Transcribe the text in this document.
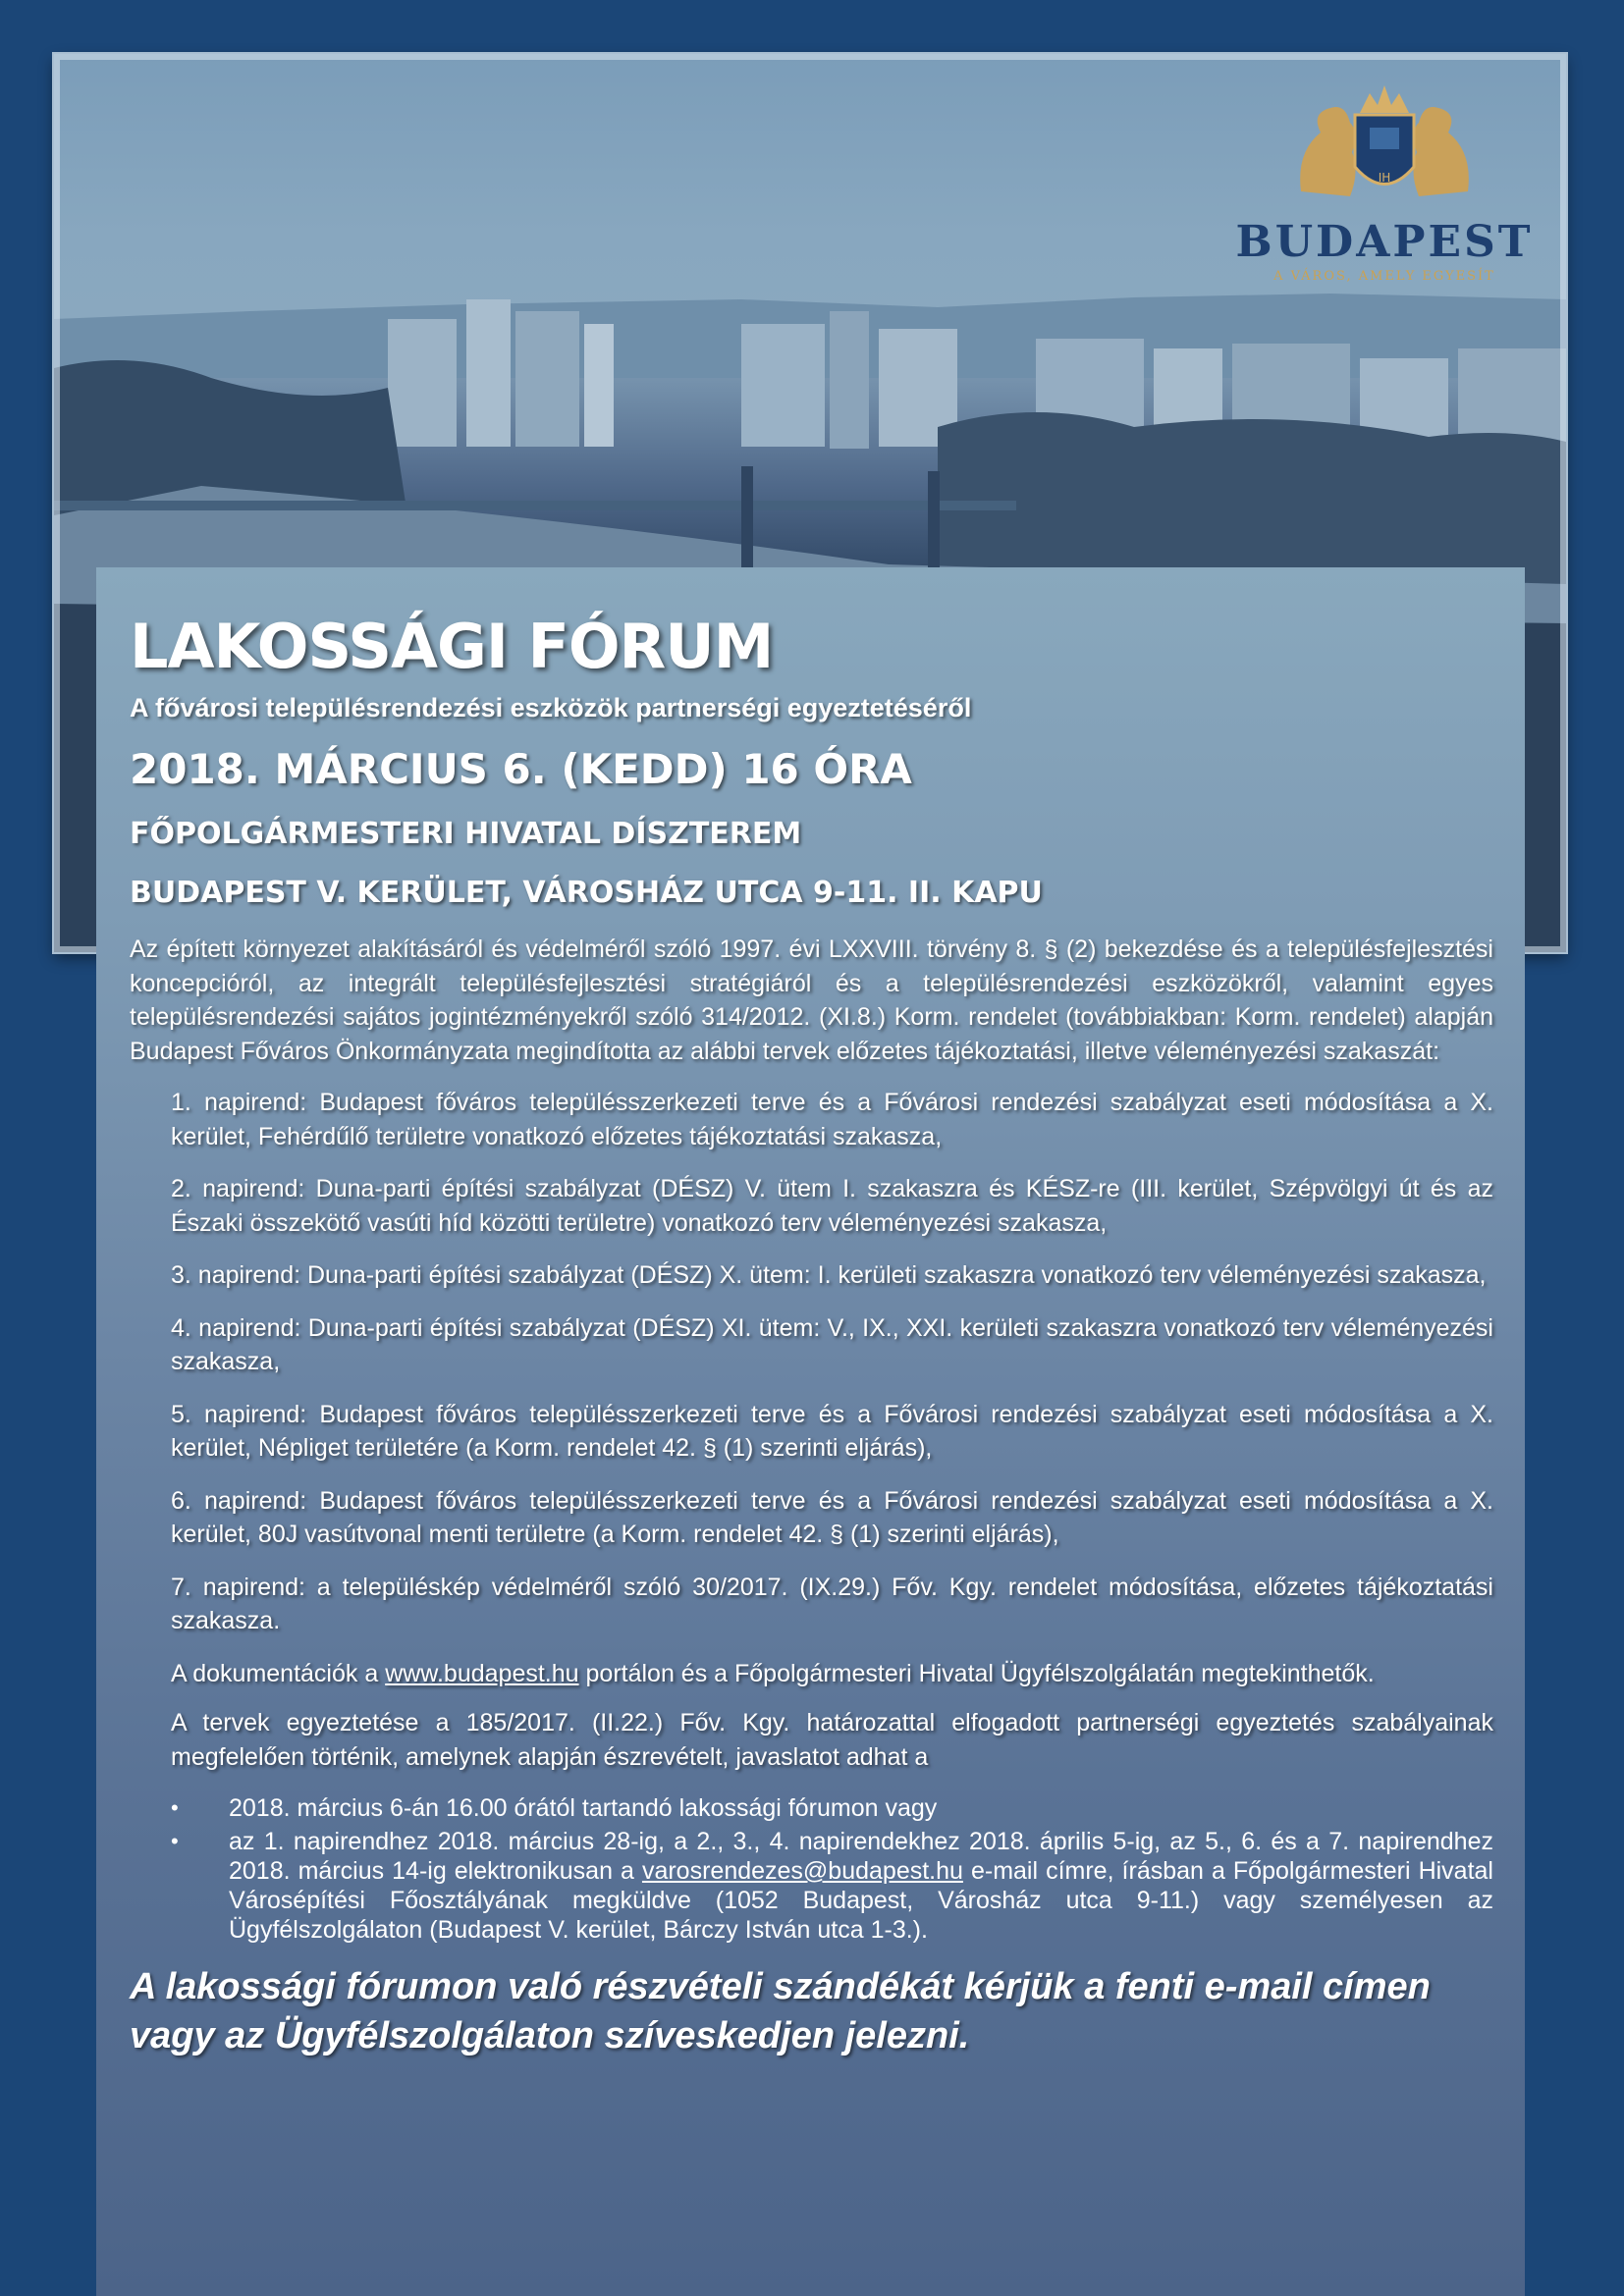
IH
BUDAPEST
A VÁROS, AMELY EGYESÍT
LAKOSSÁGI FÓRUM
A fővárosi településrendezési eszközök partnerségi egyeztetéséről
2018. MÁRCIUS 6. (KEDD) 16 ÓRA
FŐPOLGÁRMESTERI HIVATAL DÍSZTEREM
BUDAPEST V. KERÜLET, VÁROSHÁZ UTCA 9-11. II. KAPU
Az épített környezet alakításáról és védelméről szóló 1997. évi LXXVIII. törvény 8. § (2) bekezdése és a településfejlesztési koncepcióról, az integrált településfejlesztési stratégiáról és a településrendezési eszközökről, valamint egyes településrendezési sajátos jogintézményekről szóló 314/2012. (XI.8.) Korm. rendelet (továbbiakban: Korm. rendelet) alapján Budapest Főváros Önkormányzata megindította az alábbi tervek előzetes tájékoztatási, illetve véleményezési szakaszát:
1. napirend: Budapest főváros településszerkezeti terve és a Fővárosi rendezési szabályzat eseti módosítása a X. kerület, Fehérdűlő területre vonatkozó előzetes tájékoztatási szakasza,
2. napirend: Duna-parti építési szabályzat (DÉSZ) V. ütem I. szakaszra és KÉSZ-re (III. kerület, Szépvölgyi út és az Északi összekötő vasúti híd közötti területre) vonatkozó terv véleményezési szakasza,
3. napirend: Duna-parti építési szabályzat (DÉSZ) X. ütem: I. kerületi szakaszra vonatkozó terv véleményezési szakasza,
4. napirend: Duna-parti építési szabályzat (DÉSZ) XI. ütem: V., IX., XXI. kerületi szakaszra vonatkozó terv véleményezési szakasza,
5. napirend: Budapest főváros településszerkezeti terve és a Fővárosi rendezési szabályzat eseti módosítása a X. kerület, Népliget területére (a Korm. rendelet 42. § (1) szerinti eljárás),
6. napirend: Budapest főváros településszerkezeti terve és a Fővárosi rendezési szabályzat eseti módosítása a X. kerület, 80J vasútvonal menti területre (a Korm. rendelet 42. § (1) szerinti eljárás),
7. napirend: a településkép védelméről szóló 30/2017. (IX.29.) Főv. Kgy. rendelet módosítása, előzetes tájékoztatási szakasza.
A dokumentációk a www.budapest.hu portálon és a Főpolgármesteri Hivatal Ügyfélszolgálatán megtekinthetők.
A tervek egyeztetése a 185/2017. (II.22.) Főv. Kgy. határozattal elfogadott partnerségi egyeztetés szabályainak megfelelően történik, amelynek alapján észrevételt, javaslatot adhat a
• 2018. március 6-án 16.00 órától tartandó lakossági fórumon vagy
• az 1. napirendhez 2018. március 28-ig, a 2., 3., 4. napirendekhez 2018. április 5-ig, az 5., 6. és a 7. napirendhez 2018. március 14-ig elektronikusan a varosrendezes@budapest.hu e-mail címre, írásban a Főpolgármesteri Hivatal Városépítési Főosztályának megküldve (1052 Budapest, Városház utca 9-11.) vagy személyesen az Ügyfélszolgálaton (Budapest V. kerület, Bárczy István utca 1-3.).
A lakossági fórumon való részvételi szándékát kérjük a fenti e-mail címen vagy az Ügyfélszolgálaton szíveskedjen jelezni.
